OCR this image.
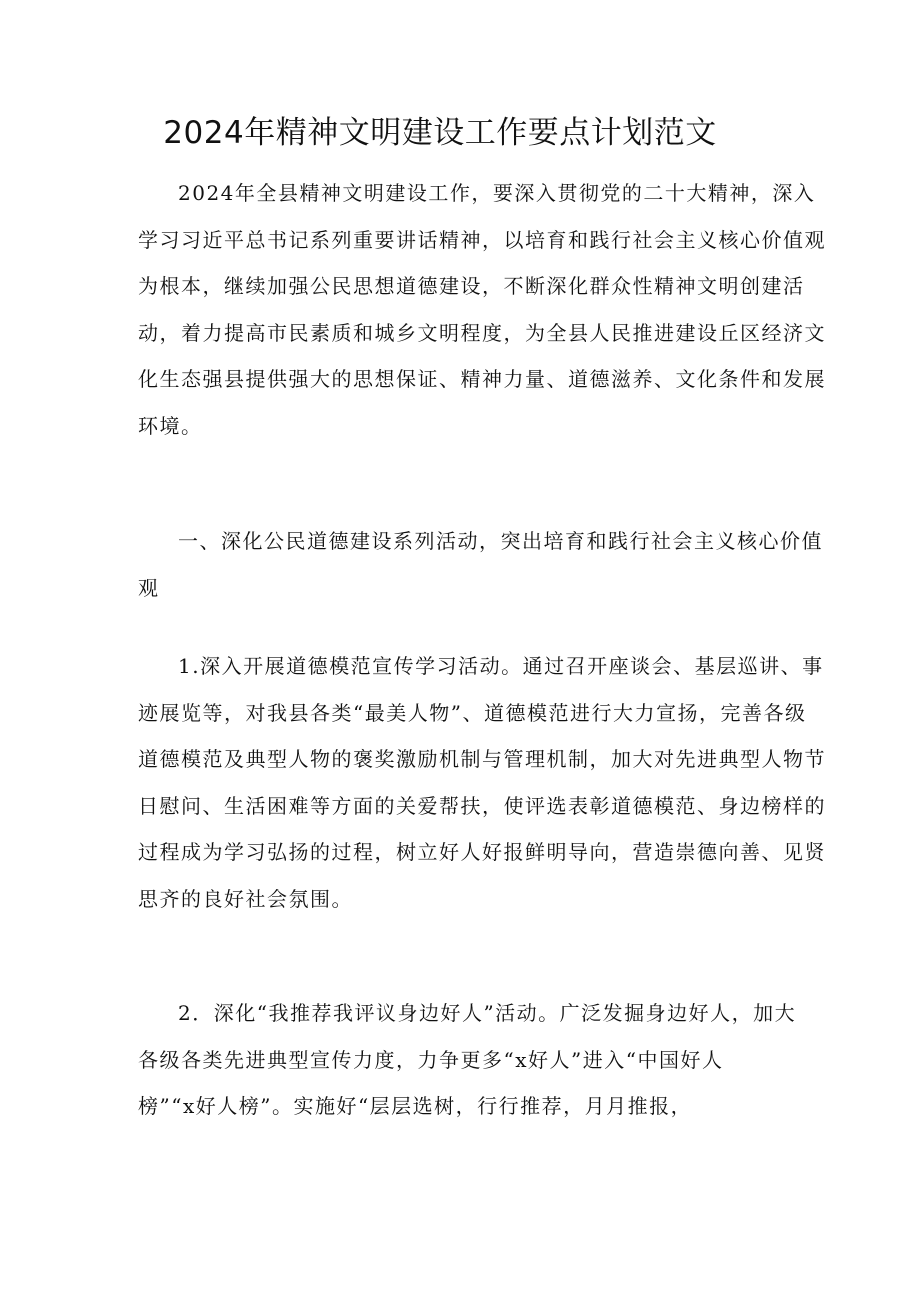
2024年精神文明建设工作要点计划范文

2024年全县精神文明建设工作，要深入贯彻党的二十大精神，深入
学习习近平总书记系列重要讲话精神，以培育和践行社会主义核心价值观
为根本，继续加强公民思想道德建设，不断深化群众性精神文明创建活
动，着力提高市民素质和城乡文明程度，为全县人民推进建设丘区经济文
化生态强县提供强大的思想保证、精神力量、道德滋养、文化条件和发展
环境。

一、深化公民道德建设系列活动，突出培育和践行社会主义核心价值
观

1.深入开展道德模范宣传学习活动。通过召开座谈会、基层巡讲、事
迹展览等，对我县各类“最美人物”、道德模范进行大力宣扬，完善各级
道德模范及典型人物的褒奖激励机制与管理机制，加大对先进典型人物节
日慰问、生活困难等方面的关爱帮扶，使评选表彰道德模范、身边榜样的
过程成为学习弘扬的过程，树立好人好报鲜明导向，营造崇德向善、见贤
思齐的良好社会氛围。

2．深化“我推荐我评议身边好人”活动。广泛发掘身边好人，加大
各级各类先进典型宣传力度，力争更多“x好人”进入“中国好人
榜”“x好人榜”。实施好“层层选树，行行推荐，月月推报，
